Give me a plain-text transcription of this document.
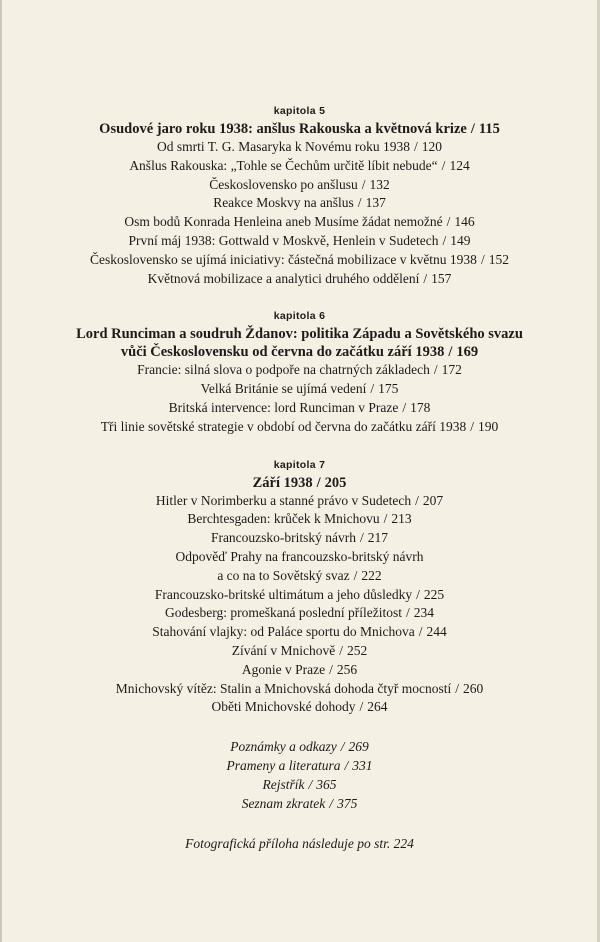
kapitola 5
Osudové jaro roku 1938: anšlus Rakouska a květnová krize / 115
Od smrti T. G. Masaryka k Novému roku 1938 / 120
Anšlus Rakouska: „Tohle se Čechům určitě líbit nebude“ / 124
Československo po anšlusu / 132
Reakce Moskvy na anšlus / 137
Osm bodů Konrada Henleina aneb Musíme žádat nemožné / 146
První máj 1938: Gottwald v Moskvě, Henlein v Sudetech / 149
Československo se ujímá iniciativy: částečná mobilizace v květnu 1938 / 152
Květnová mobilizace a analytici druhého oddělení / 157
kapitola 6
Lord Runciman a soudruh Ždanov: politika Západu a Sovětského svazu
vůči Československu od června do začátku září 1938 / 169
Francie: silná slova o podpoře na chatrných základech / 172
Velká Británie se ujímá vedení / 175
Britská intervence: lord Runciman v Praze / 178
Tři linie sovětské strategie v období od června do začátku září 1938 / 190
kapitola 7
Září 1938 / 205
Hitler v Norimberku a stanné právo v Sudetech / 207
Berchtesgaden: krůček k Mnichovu / 213
Francouzsko-britský návrh / 217
Odpověď Prahy na francouzsko-britský návrh
a co na to Sovětský svaz / 222
Francouzsko-britské ultimátum a jeho důsledky / 225
Godesberg: promeškaná poslední příležitost / 234
Stahování vlajky: od Paláce sportu do Mnichova / 244
Zívání v Mnichově / 252
Agonie v Praze / 256
Mnichovský vítěz: Stalin a Mnichovská dohoda čtyř mocností / 260
Oběti Mnichovské dohody / 264
Poznámky a odkazy / 269
Prameny a literatura / 331
Rejstřík / 365
Seznam zkratek / 375
Fotografická příloha následuje po str. 224
